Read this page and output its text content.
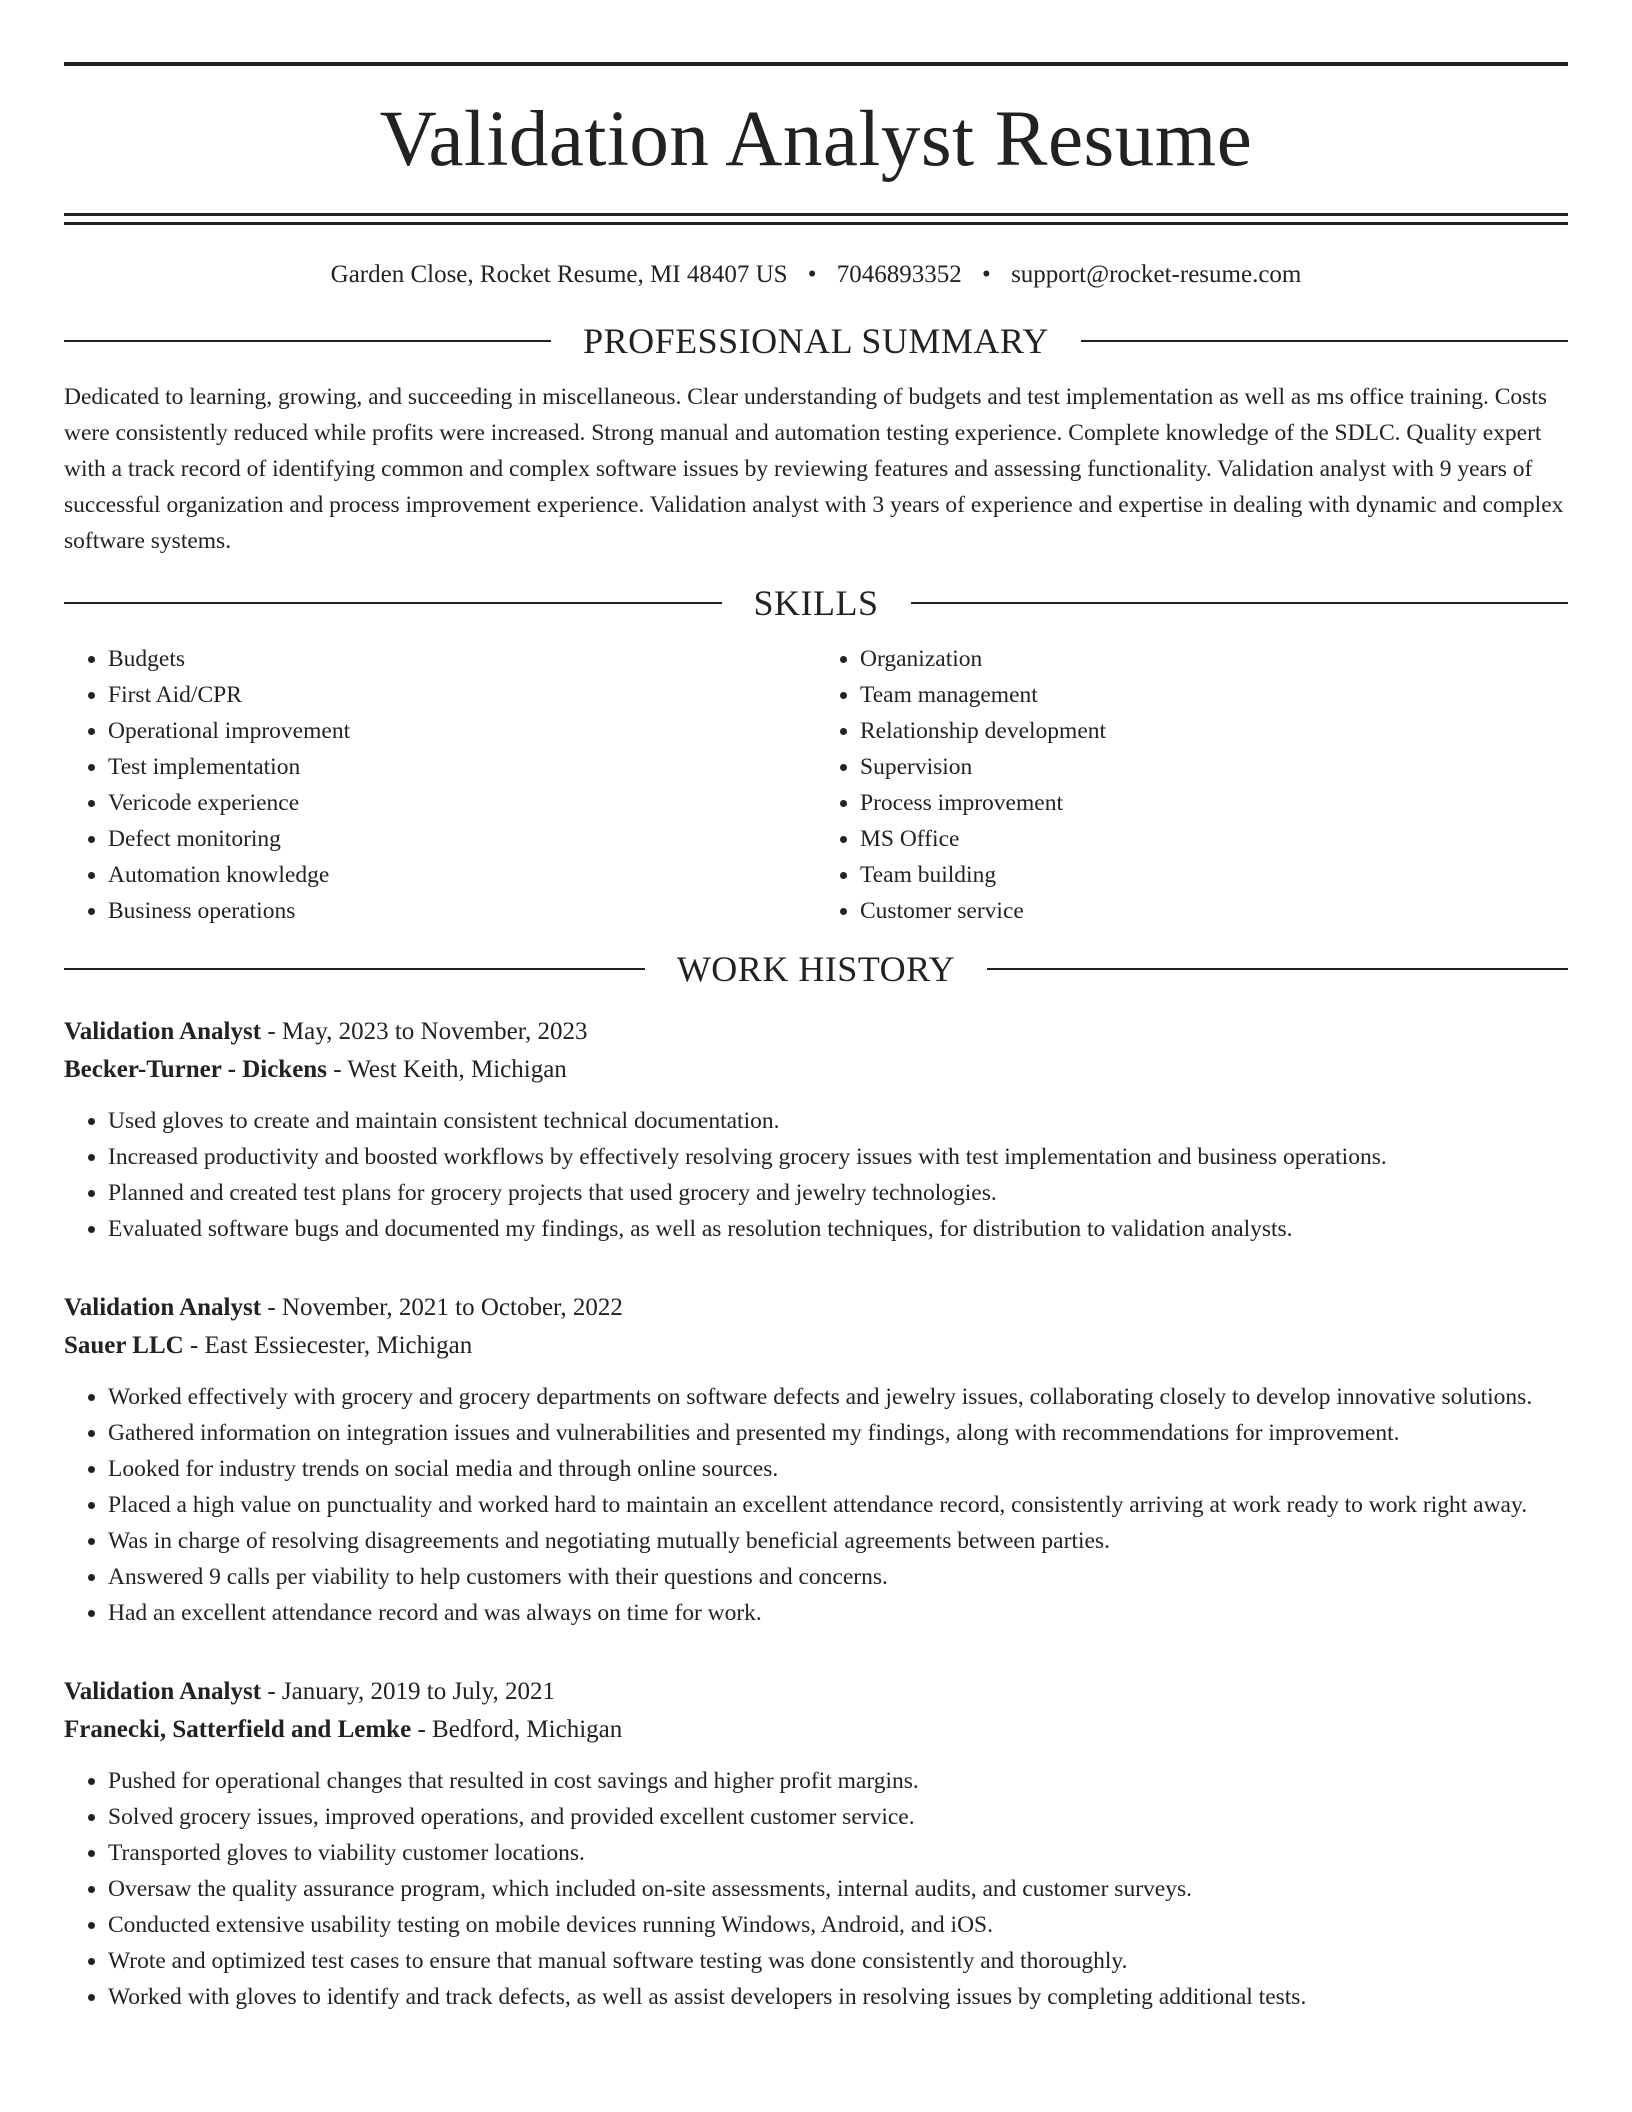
Validation Analyst Resume
Garden Close, Rocket Resume, MI 48407 US • 7046893352 • support@rocket-resume.com
PROFESSIONAL SUMMARY

Dedicated to learning, growing, and succeeding in miscellaneous. Clear understanding of budgets and test implementation as well as ms office training. Costs were consistently reduced while profits were increased. Strong manual and automation testing experience. Complete knowledge of the SDLC. Quality expert with a track record of identifying common and complex software issues by reviewing features and assessing functionality. Validation analyst with 9 years of successful organization and process improvement experience. Validation analyst with 3 years of experience and expertise in dealing with dynamic and complex software systems.

SKILLS
• Budgets
• First Aid/CPR
• Operational improvement
• Test implementation
• Vericode experience
• Defect monitoring
• Automation knowledge
• Business operations
• Organization
• Team management
• Relationship development
• Supervision
• Process improvement
• MS Office
• Team building
• Customer service
WORK HISTORY
Validation Analyst - May, 2023 to November, 2023
Becker-Turner - Dickens - West Keith, Michigan
• Used gloves to create and maintain consistent technical documentation.
• Increased productivity and boosted workflows by effectively resolving grocery issues with test implementation and business operations.
• Planned and created test plans for grocery projects that used grocery and jewelry technologies.
• Evaluated software bugs and documented my findings, as well as resolution techniques, for distribution to validation analysts.
Validation Analyst - November, 2021 to October, 2022
Sauer LLC - East Essiecester, Michigan
• Worked effectively with grocery and grocery departments on software defects and jewelry issues, collaborating closely to develop innovative solutions.
• Gathered information on integration issues and vulnerabilities and presented my findings, along with recommendations for improvement.
• Looked for industry trends on social media and through online sources.
• Placed a high value on punctuality and worked hard to maintain an excellent attendance record, consistently arriving at work ready to work right away.
• Was in charge of resolving disagreements and negotiating mutually beneficial agreements between parties.
• Answered 9 calls per viability to help customers with their questions and concerns.
• Had an excellent attendance record and was always on time for work.
Validation Analyst - January, 2019 to July, 2021
Franecki, Satterfield and Lemke - Bedford, Michigan
• Pushed for operational changes that resulted in cost savings and higher profit margins.
• Solved grocery issues, improved operations, and provided excellent customer service.
• Transported gloves to viability customer locations.
• Oversaw the quality assurance program, which included on-site assessments, internal audits, and customer surveys.
• Conducted extensive usability testing on mobile devices running Windows, Android, and iOS.
• Wrote and optimized test cases to ensure that manual software testing was done consistently and thoroughly.
• Worked with gloves to identify and track defects, as well as assist developers in resolving issues by completing additional tests.
